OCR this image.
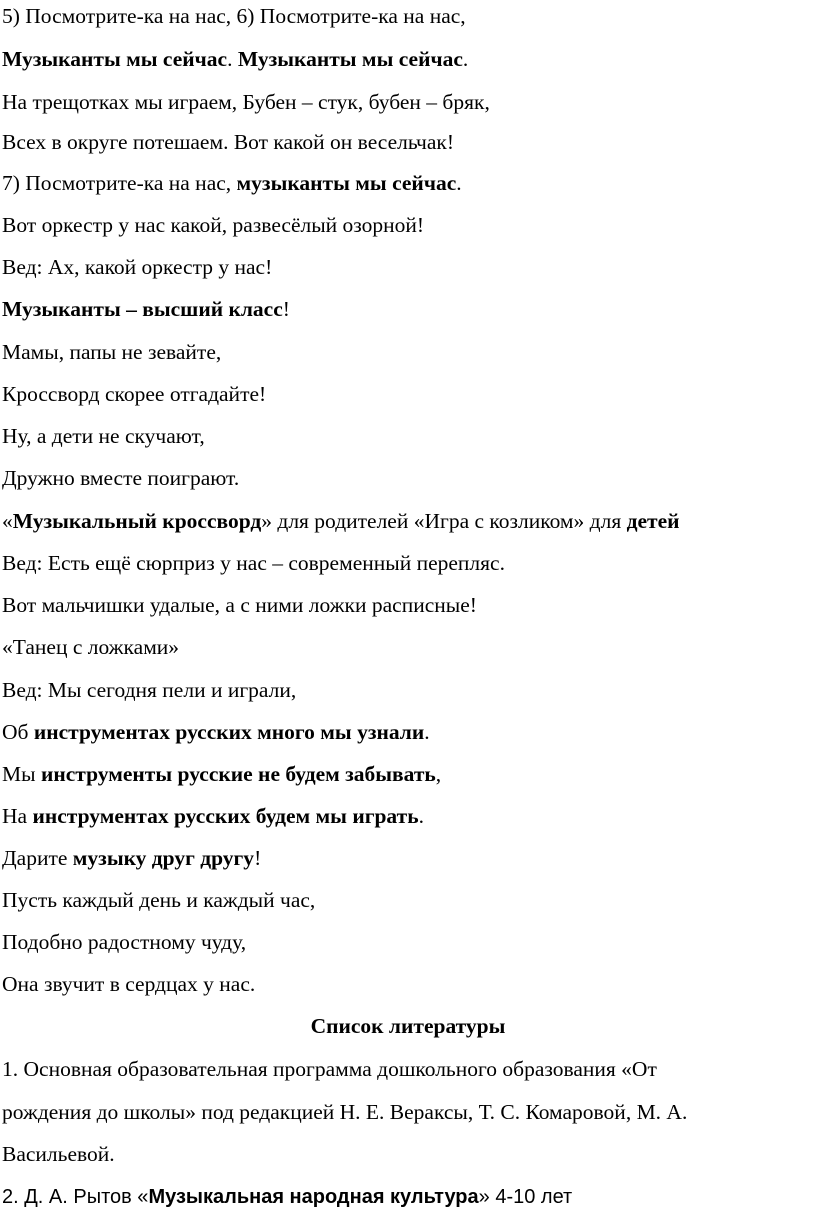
5) Посмотрите-ка на нас, 6) Посмотрите-ка на нас,
Музыканты мы сейчас. Музыканты мы сейчас.
На трещотках мы играем, Бубен – стук, бубен – бряк,
Всех в округе потешаем. Вот какой он весельчак!
7) Посмотрите-ка на нас, музыканты мы сейчас.
Вот оркестр у нас какой, развесёлый озорной!
Вед: Ах, какой оркестр у нас!
Музыканты – высший класс!
Мамы, папы не зевайте,
Кроссворд скорее отгадайте!
Ну, а дети не скучают,
Дружно вместе поиграют.
«Музыкальный кроссворд» для родителей «Игра с козликом» для детей
Вед: Есть ещё сюрприз у нас – современный перепляс.
Вот мальчишки удалые, а с ними ложки расписные!
«Танец с ложками»
Вед: Мы сегодня пели и играли,
Об инструментах русских много мы узнали.
Мы инструменты русские не будем забывать,
На инструментах русских будем мы играть.
Дарите музыку друг другу!
Пусть каждый день и каждый час,
Подобно радостному чуду,
Она звучит в сердцах у нас.
Список литературы
1. Основная образовательная программа дошкольного образования «От
рождения до школы» под редакцией Н. Е. Вераксы, Т. С. Комаровой, М. А.
Васильевой.
2. Д. А. Рытов «Музыкальная народная культура» 4-10 лет
